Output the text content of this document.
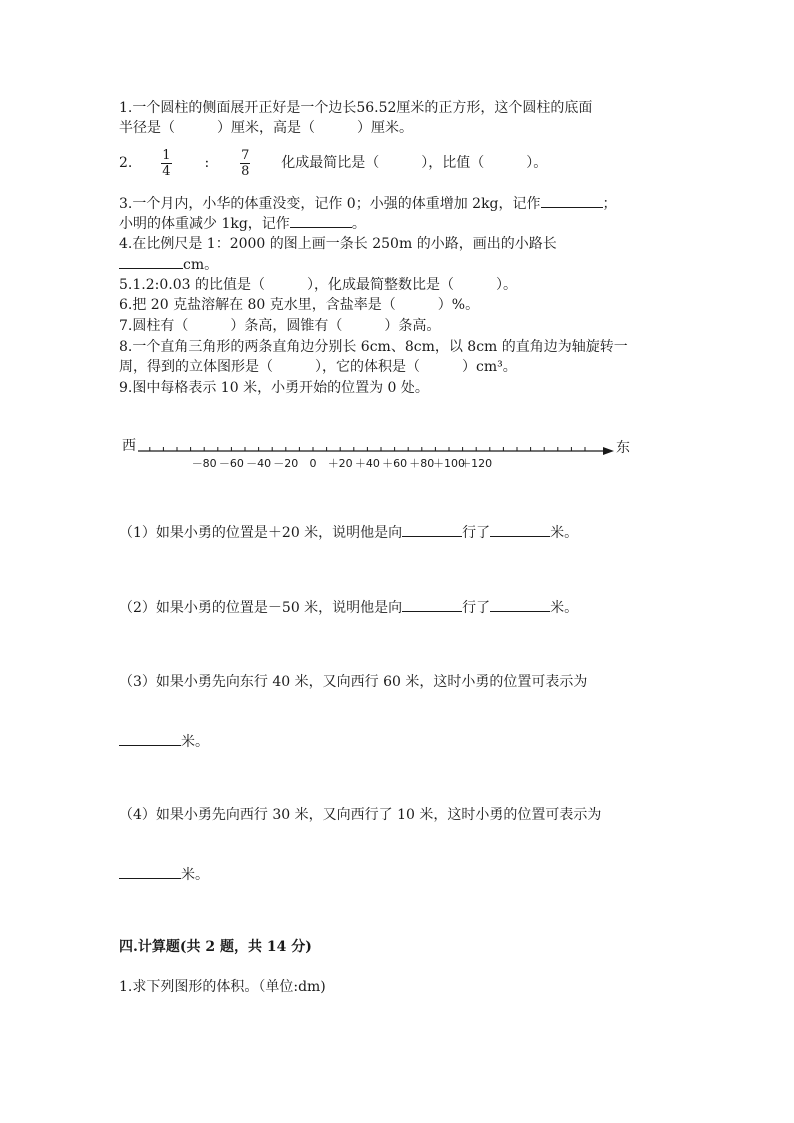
1.一个圆柱的侧面展开正好是一个边长56.52厘米的正方形，这个圆柱的底面
半径是（　　　）厘米，高是（　　　）厘米。
2. $\frac{1}{4}$ : $\frac{7}{8}$ 化成最简比是（　　　），比值（　　　）。
3.一个月内，小华的体重没变，记作 0；小强的体重增加 2kg，记作	；
小明的体重减少 1kg，记作	。
4.在比例尺是 1：2000 的图上画一条长 250m 的小路，画出的小路长
cm。
5.1.2:0.03 的比值是（　　　），化成最简整数比是（　　　）。
6.把 20 克盐溶解在 80 克水里，含盐率是（　　　）%。
7.圆柱有（　　　）条高，圆锥有（　　　）条高。
8.一个直角三角形的两条直角边分别长 6cm、8cm，以 8cm 的直角边为轴旋转一
周，得到的立体图形是（　　　），它的体积是（　　　）cm³。
9.图中每格表示 10 米，小勇开始的位置为 0 处。
西	东
－80 －60 －40 －20 0 ＋20 ＋40 ＋60 ＋80
＋100
＋120
（1）如果小勇的位置是＋20 米，说明他是向	行了	米。
（2）如果小勇的位置是－50 米，说明他是向	行了	米。
（3）如果小勇先向东行 40 米，又向西行 60 米，这时小勇的位置可表示为
米。
（4）如果小勇先向西行 30 米，又向西行了 10 米，这时小勇的位置可表示为
米。
四.计算题(共 2 题，共 14 分)
1.求下列图形的体积。（单位:dm)
